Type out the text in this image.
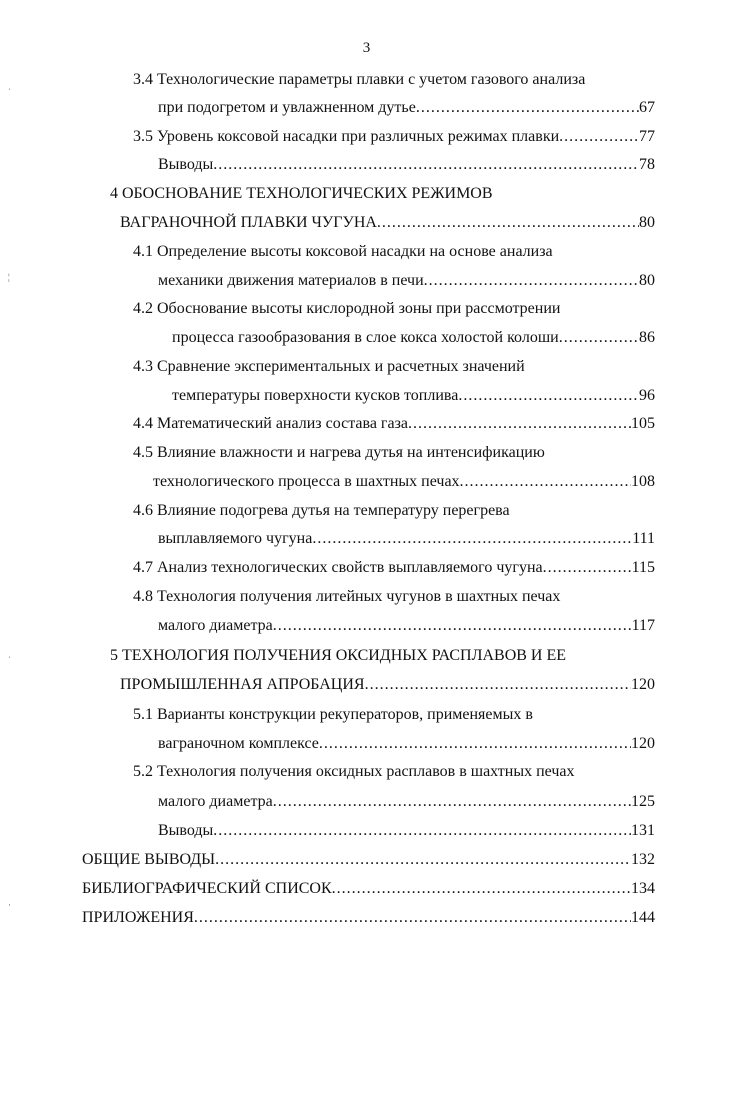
3
3.4 Технологические параметры плавки с учетом газового анализа
при подогретом и увлажненном дутье .....	67
3.5 Уровень коксовой насадки при различных режимах плавки .....	77
Выводы .....	78
4 ОБОСНОВАНИЕ ТЕХНОЛОГИЧЕСКИХ РЕЖИМОВ
ВАГРАНОЧНОЙ ПЛАВКИ ЧУГУНА .....	80
4.1 Определение высоты коксовой насадки на основе анализа
механики движения материалов в печи .....	80
4.2 Обоснование высоты кислородной зоны при рассмотрении
процесса газообразования в слое кокса холостой колоши .....	86
4.3 Сравнение экспериментальных и расчетных значений
температуры поверхности кусков топлива .....	96
4.4 Математический анализ состава газа .....	105
4.5 Влияние влажности и нагрева дутья на интенсификацию
технологического процесса в шахтных печах .....	108
4.6 Влияние подогрева дутья на температуру перегрева
выплавляемого чугуна .....	111
4.7 Анализ технологических свойств выплавляемого чугуна .....	115
4.8 Технология получения литейных чугунов в шахтных печах
малого диаметра .....	117
5 ТЕХНОЛОГИЯ ПОЛУЧЕНИЯ ОКСИДНЫХ РАСПЛАВОВ И ЕЕ
ПРОМЫШЛЕННАЯ АПРОБАЦИЯ .....	120
5.1 Варианты конструкции рекуператоров, применяемых в
ваграночном комплексе .....	120
5.2 Технология получения оксидных расплавов в шахтных печах
малого диаметра .....	125
Выводы .....	131
ОБЩИЕ ВЫВОДЫ .....	132
БИБЛИОГРАФИЧЕСКИЙ СПИСОК .....	134
ПРИЛОЖЕНИЯ .....	144
ˌ
¦
ˌ
·
